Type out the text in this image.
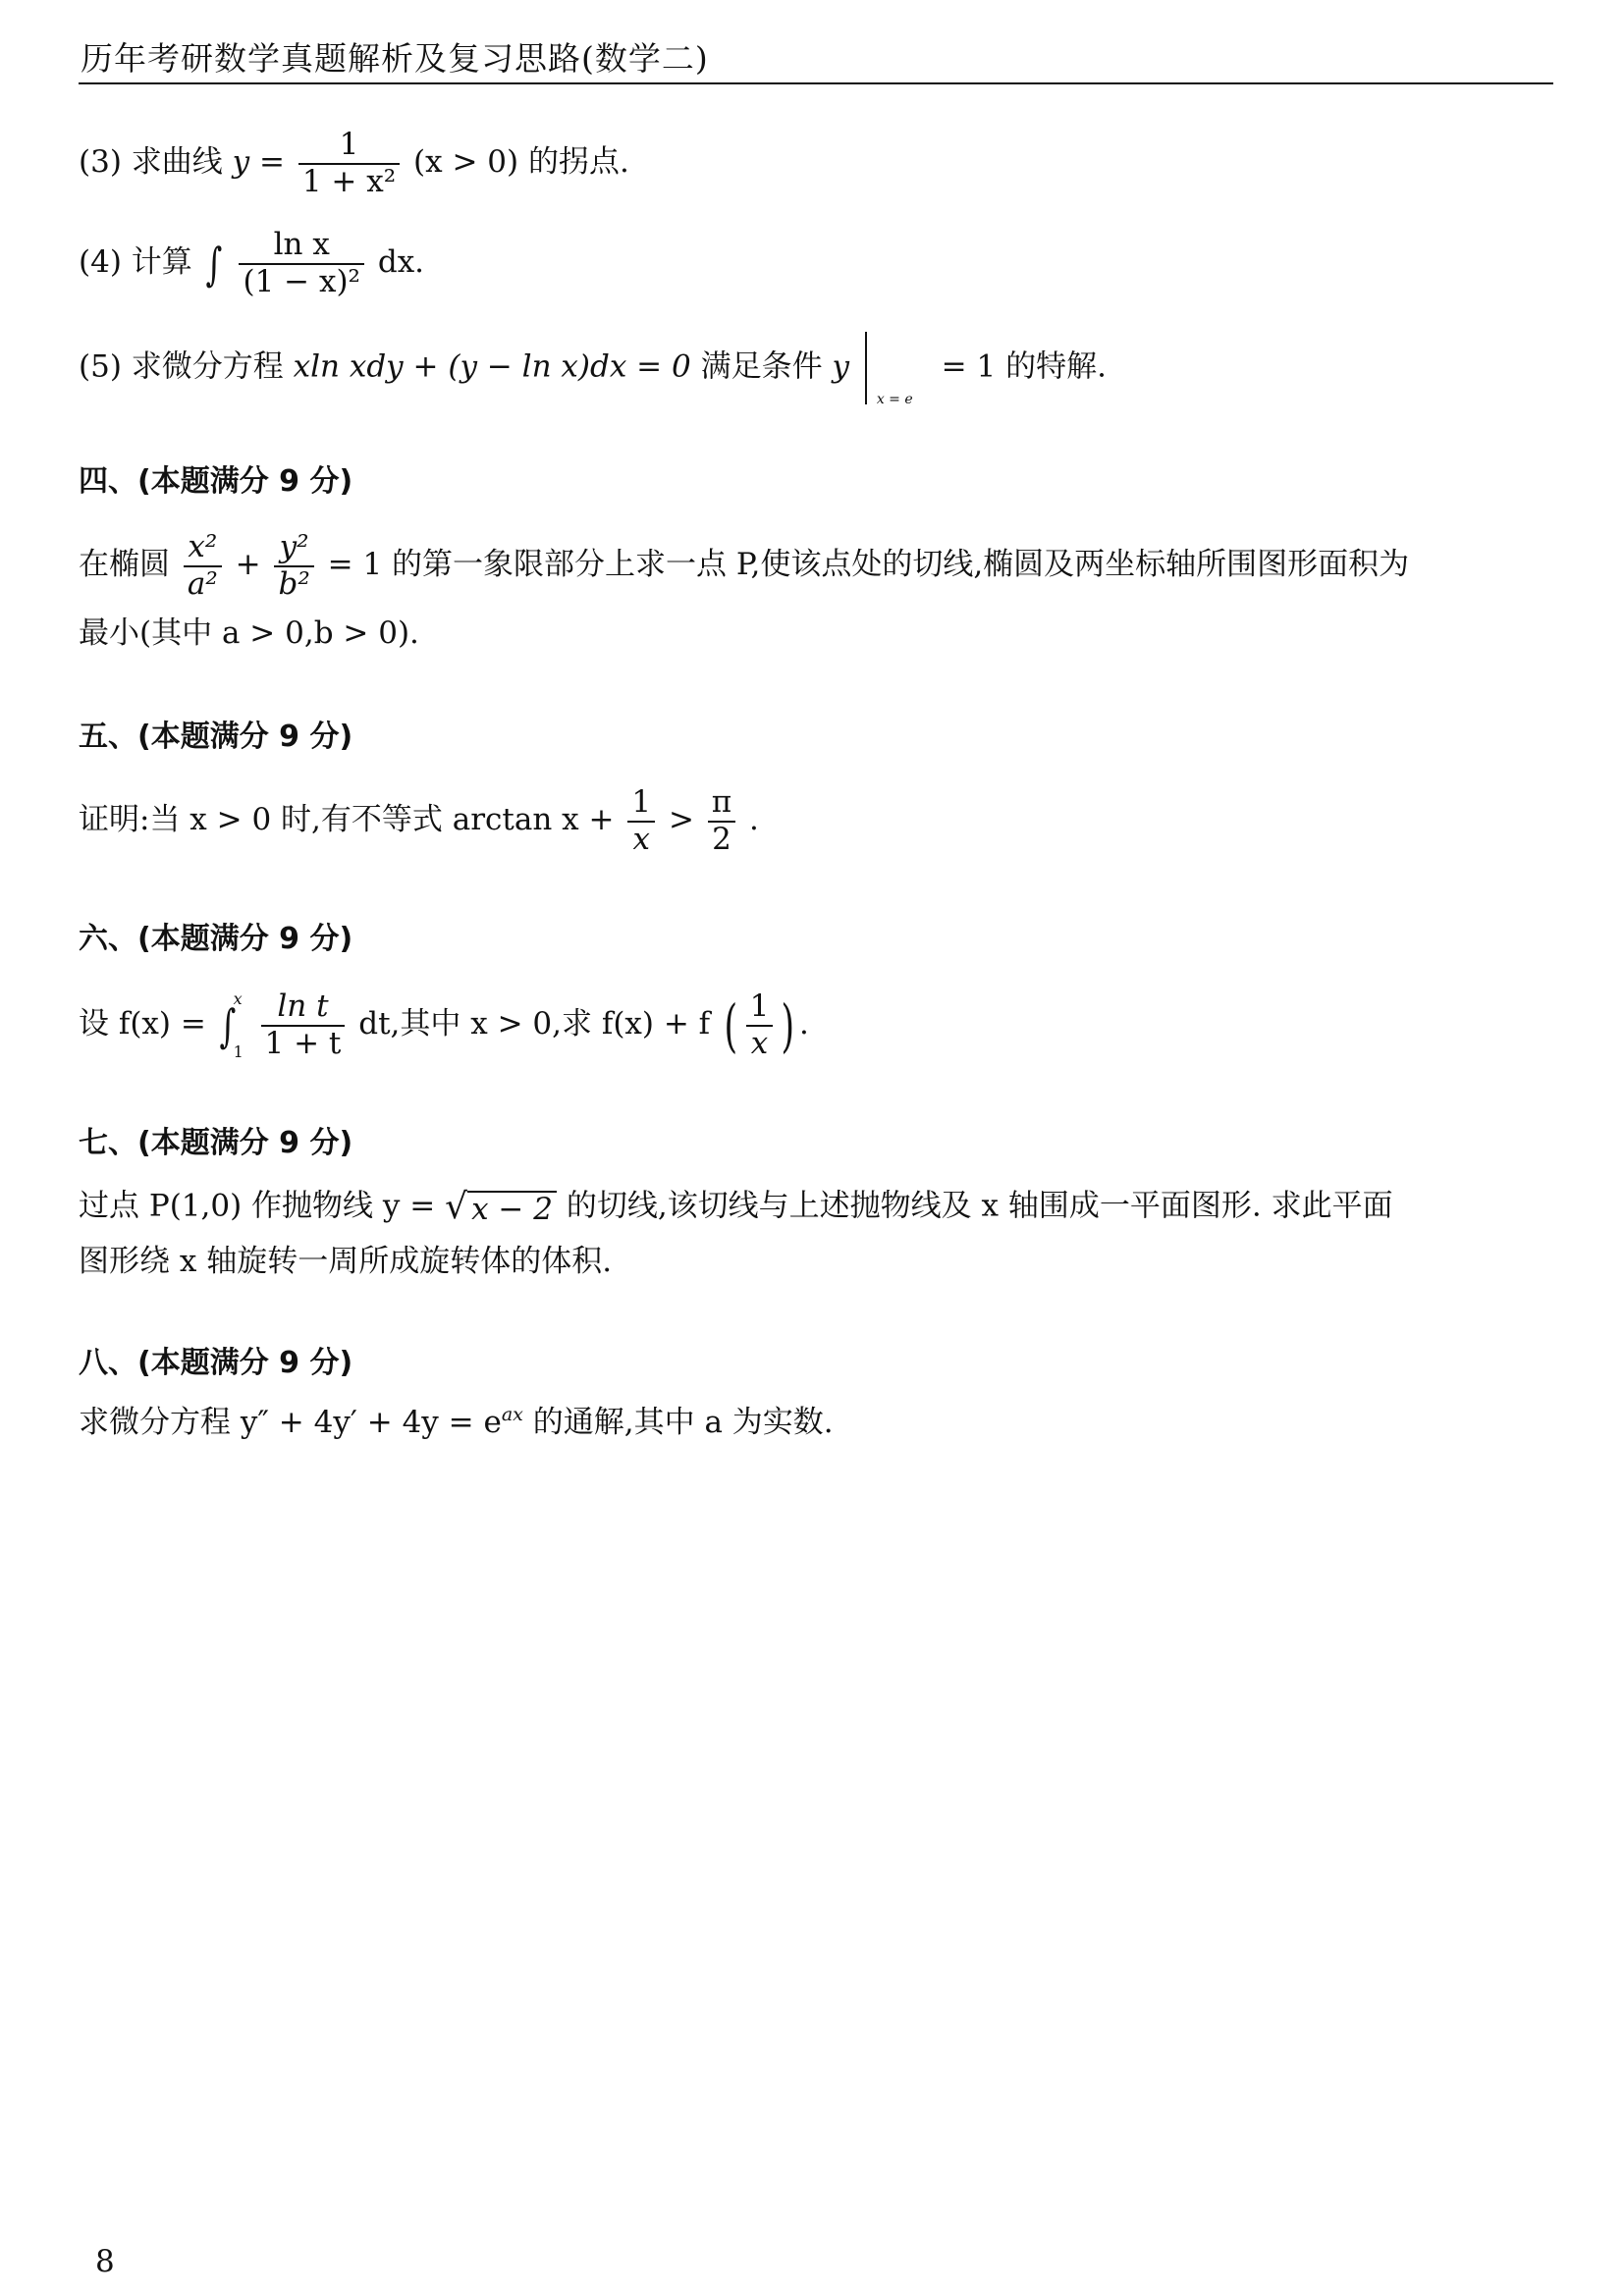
历年考研数学真题解析及复习思路(数学二)
(3) 求曲线 $y = \frac{1}{\text{1 + x²}} (x > 0)$ 的拐点.
(4) 计算 ∫ $\frac{\text{ln x}}{\text{(1 − x)²}}$ dx.
(5) 求微分方程 xln xdy + (y − ln x)dx = 0 满足条件 y
x = e
= 1 的特解.
四、(本题满分 9 分)
在椭圆 $\frac{\text{x²}}{\text{a²}} + \frac{\text{y²}}{\text{b²}} = 1$ 的第一象限部分上求一点 P,使该点处的切线,椭圆及两坐标轴所围图形面积为
最小(其中 a > 0,b > 0).
五、(本题满分 9 分)
证明:当 x > 0 时,有不等式 $\arctan x + \frac{1}{x} > \frac{\pi}{2}$ .
六、(本题满分 9 分)
设 f(x) = ∫
x
1
$\frac{\text{ln t}}{1 + t}$ dt,其中 x > 0,求 f(x) + f ( $\frac{1}{x}$ ) .
七、(本题满分 9 分)
过点 P(1,0) 作抛物线 y = √ x − 2 的切线,该切线与上述抛物线及 x 轴围成一平面图形. 求此平面
图形绕 x 轴旋转一周所成旋转体的体积.
八、(本题满分 9 分)
求微分方程 $y'' + 4y' + 4y = e^{ax}$ 的通解,其中 a 为实数.
8
